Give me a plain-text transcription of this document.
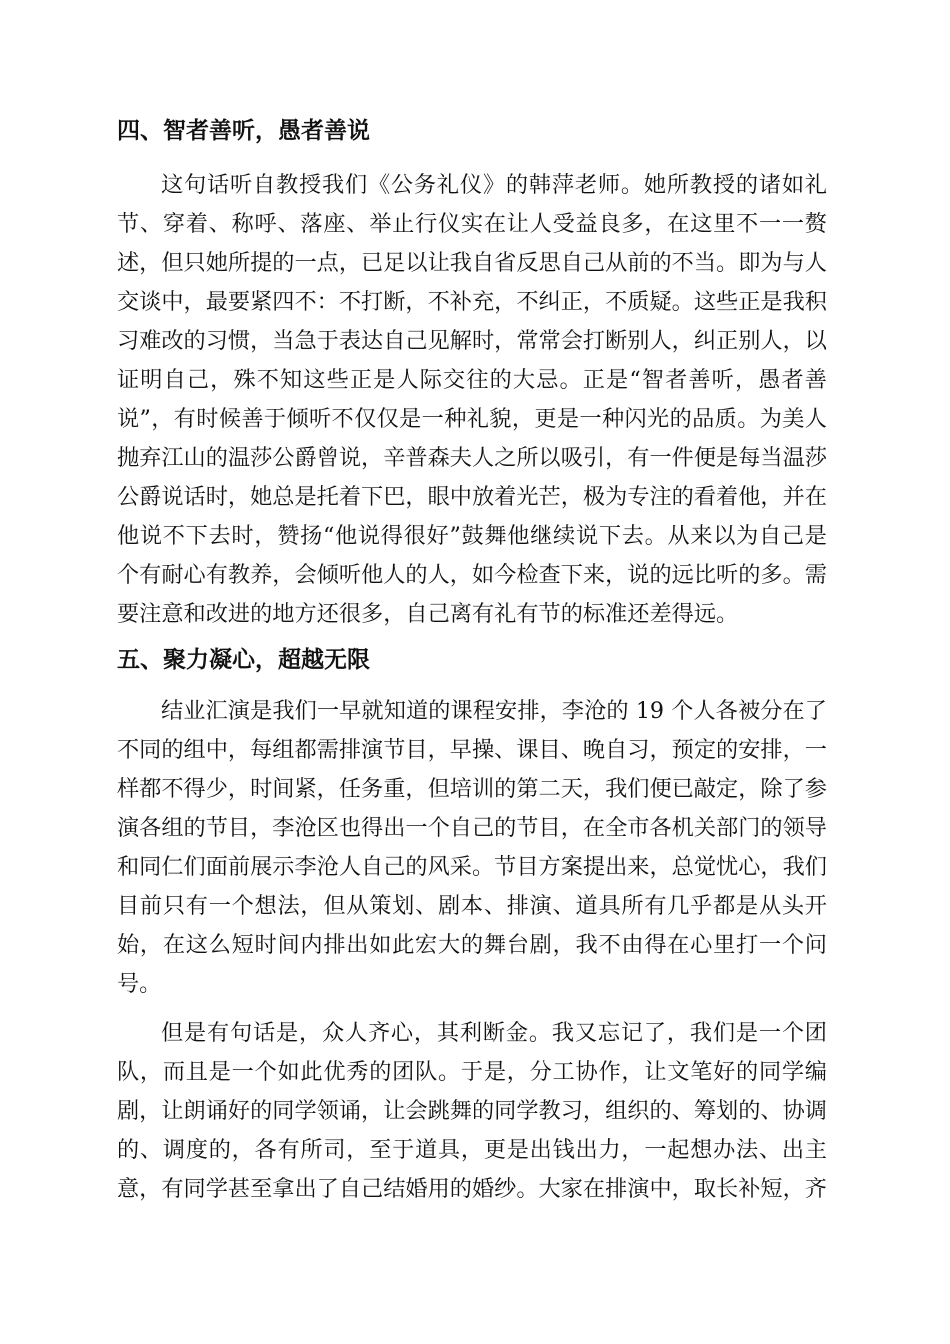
四、智者善听，愚者善说
这句话听自教授我们《公务礼仪》的韩萍老师。她所教授的诸如礼
节、穿着、称呼、落座、举止行仪实在让人受益良多，在这里不一一赘
述，但只她所提的一点，已足以让我自省反思自己从前的不当。即为与人
交谈中，最要紧四不：不打断，不补充，不纠正，不质疑。这些正是我积
习难改的习惯，当急于表达自己见解时，常常会打断别人，纠正别人，以
证明自己，殊不知这些正是人际交往的大忌。正是“智者善听，愚者善
说”，有时候善于倾听不仅仅是一种礼貌，更是一种闪光的品质。为美人
抛弃江山的温莎公爵曾说，辛普森夫人之所以吸引，有一件便是每当温莎
公爵说话时，她总是托着下巴，眼中放着光芒，极为专注的看着他，并在
他说不下去时，赞扬“他说得很好”鼓舞他继续说下去。从来以为自己是
个有耐心有教养，会倾听他人的人，如今检查下来，说的远比听的多。需
要注意和改进的地方还很多，自己离有礼有节的标准还差得远。
五、聚力凝心，超越无限
结业汇演是我们一早就知道的课程安排，李沧的 19 个人各被分在了
不同的组中，每组都需排演节目，早操、课目、晚自习，预定的安排，一
样都不得少，时间紧，任务重，但培训的第二天，我们便已敲定，除了参
演各组的节目，李沧区也得出一个自己的节目，在全市各机关部门的领导
和同仁们面前展示李沧人自己的风采。节目方案提出来，总觉忧心，我们
目前只有一个想法，但从策划、剧本、排演、道具所有几乎都是从头开
始，在这么短时间内排出如此宏大的舞台剧，我不由得在心里打一个问
号。
但是有句话是，众人齐心，其利断金。我又忘记了，我们是一个团
队，而且是一个如此优秀的团队。于是，分工协作，让文笔好的同学编
剧，让朗诵好的同学领诵，让会跳舞的同学教习，组织的、筹划的、协调
的、调度的，各有所司，至于道具，更是出钱出力，一起想办法、出主
意，有同学甚至拿出了自己结婚用的婚纱。大家在排演中，取长补短，齐
